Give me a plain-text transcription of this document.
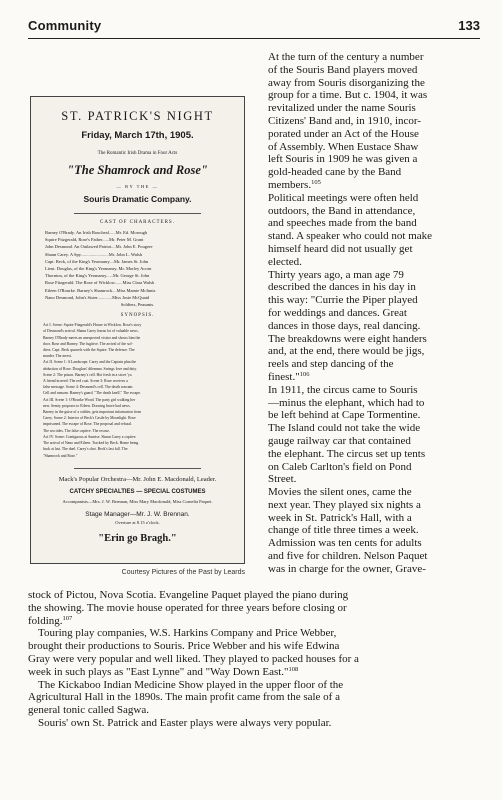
Community	133
ST. PATRICK'S NIGHT
Friday, March 17th, 1905.
The Romantic Irish Drama in Four Acts
"The Shamrock and Rose"
— BY THE —
Souris Dramatic Company.
CAST OF CHARACTERS.
Barney O'Brady. An Irish Boucheal......Mr. Ed. Morough
Squire Fitzgerald, Rose's Father......Mr. Peter M. Grant
John Desmond. An Outlawed Patriot....Mr. John E. Pougere
Shaun Carey. A Spy.........................Mr. John L. Walsh
Capt. Beck, of the King's Yeomanry....Mr. James St. John
Lieut. Douglas, of the King's Yeomanry..Mr. Morley Acorn
Thornton, of the King's Yeomanry......Mr. George St. John
Rose Fitzgerald. The Rose of Wicklow.......Miss Clara Walsh
Eileen O'Rourke. Barney's Shamrock....Miss Mamie McInnis
Nano Desmond, John's Sister.............Miss Josie McQuaid
Soldiers, Peasants.
SYNOPSIS.
Act I. Scene: Squire Fitzgerald's House in Wicklow. Rose's story
of Desmond's arrival. Shaun Carey learns lot of valuable news.
Barney O'Brady meets an unexpected visitor and shows him the
door. Rose and Barney. The fugitive. The arrival of the sol-
diers. Capt. Beck quarrels with the Squire. The defence. The
murder. The arrest.
Act II. Scene 1: A Landscape. Carey and the Captain plan the
abduction of Rose. Douglass' dilemma. Swings love and duty.
Scene 2: The prison. Barney's cell. Hot fresh in a stove 'ya
A friend in need. The red coat. Scene 3: Rose receives a
false message. Scene 4: Desmond's cell. The death warrant.
Cell and ransom. Barney's guard. "The death knell." The escape.
Act III. Scene 1: O'Rourke Wood. The party girl walking her
new. Sentry proposes to Eileen. Drawing brave bad news.
Barney in the guise of a soldier, gets important information from
Carey. Scene 2: Interior of Beck's Castle by Moonlight. Rose
imprisoned. The escape of Rose. The proposal and refusal.
The sea tides. The false captive. The rescue.
Act IV. Scene: Contiguous at Sunrise. Shaun Carey a captive.
The arrival of Nano and Eileen. Tracked by Beck. Home being
back at last. The duel. Carey's shot. Beck's last fall. The
"Shamrock and Rose."
Mack's Popular Orchestra—Mr. John E. Macdonald, Leader.
CATCHY SPECIALTIES — SPECIAL COSTUMES
Accompanists—Mrs. J. W. Brennan, Miss Mary Macdonald, Miss Cornelia Paquet.
Stage Manager—Mr. J. W. Brennan.
Overture at 8.15 o'clock.
"Erin go Bragh."
Courtesy Pictures of the Past by Leards

At the turn of the century a number
of the Souris Band players moved
away from Souris disorganizing the
group for a time. But c. 1904, it was
revitalized under the name Souris
Citizens' Band and, in 1910, incor-
porated under an Act of the House
of Assembly. When Eustace Shaw
left Souris in 1909 he was given a
gold-headed cane by the Band
members.$^{105}$

Political meetings were often held
outdoors, the Band in attendance,
and speeches made from the band
stand. A speaker who could not make
himself heard did not usually get
elected.

Thirty years ago, a man age 79
described the dances in his day in
this way: "Currie the Piper played
for weddings and dances. Great
dances in those days, real dancing.
The breakdowns were eight handers
and, at the end, there would be jigs,
reels and step dancing of the
finest."$^{106}$

In 1911, the circus came to Souris
—minus the elephant, which had to
be left behind at Cape Tormentine.
The Island could not take the wide
gauge railway car that contained
the elephant. The circus set up tents
on Caleb Carlton's field on Pond
Street.

Movies the silent ones, came the
next year. They played six nights a
week in St. Patrick's Hall, with a
change of title three times a week.
Admission was ten cents for adults
and five for children. Nelson Paquet
was in charge for the owner, Grave-

stock of Pictou, Nova Scotia. Evangeline Paquet played the piano during
the showing. The movie house operated for three years before closing or
folding.$^{107}$

Touring play companies, W.S. Harkins Company and Price Webber,
brought their productions to Souris. Price Webber and his wife Edwina
Gray were very popular and well liked. They played to packed houses for a
week in such plays as "East Lynne" and "Way Down East."$^{108}$

The Kickaboo Indian Medicine Show played in the upper floor of the
Agricultural Hall in the 1890s. The main profit came from the sale of a
general tonic called Sagwa.

Souris' own St. Patrick and Easter plays were always very popular.
